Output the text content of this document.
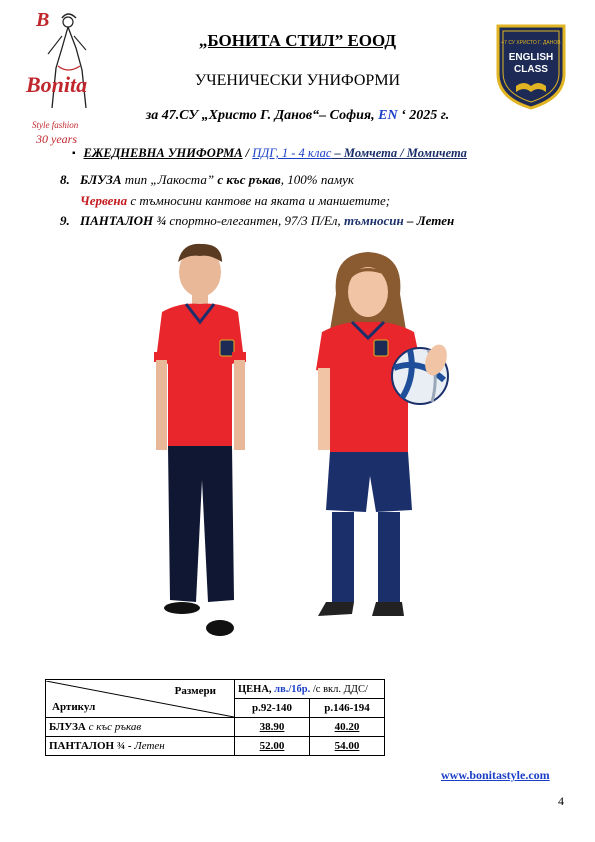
B
Bonita
Style fashion
30 years
47 СУ ХРИСТО Г. ДАНОВ
ENGLISH
CLASS
„БОНИТА СТИЛ” ЕООД
УЧЕНИЧЕСКИ УНИФОРМИ
за 47.СУ „Христо Г. Данов“– София, EN ‘ 2025 г.
▪ ЕЖЕДНЕВНА УНИФОРМА / ПДГ, 1 - 4 клас – Момчета / Момичета
8. БЛУЗА тип „Лакоста” с къс ръкав, 100% памук
Червена с тъмносини кантове на яката и маншетите;
9. ПАНТАЛОН ¾ спортно-елегантен, 97/3 П/Ел, тъмносин – Летен
Размери
Артикул	ЦЕНА, лв./1бр. /с вкл. ДДС/	
	р.92-140	р.146-194
БЛУЗА с къс ръкав	38.90	40.20
ПАНТАЛОН ¾ - Летен	52.00	54.00
www.bonitastyle.com
4
